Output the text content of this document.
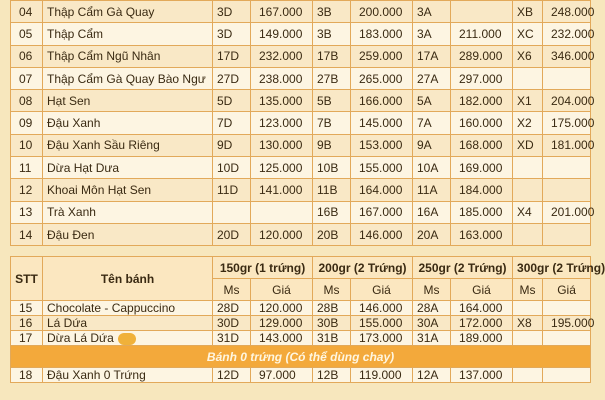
04	Thập Cẩm Gà Quay	3D	167.000	3B	200.000	3A		XB	248.000
05	Thập Cẩm	3D	149.000	3B	183.000	3A	211.000	XC	232.000
06	Thập Cẩm Ngũ Nhân	17D	232.000	17B	259.000	17A	289.000	X6	346.000
07	Thập Cẩm Gà Quay Bào Ngư	27D	238.000	27B	265.000	27A	297.000		
08	Hạt Sen	5D	135.000	5B	166.000	5A	182.000	X1	204.000
09	Đậu Xanh	7D	123.000	7B	145.000	7A	160.000	X2	175.000
10	Đậu Xanh Sầu Riêng	9D	130.000	9B	153.000	9A	168.000	XD	181.000
11	Dừa Hạt Dưa	10D	125.000	10B	155.000	10A	169.000		
12	Khoai Môn Hạt Sen	11D	141.000	11B	164.000	11A	184.000		
13	Trà Xanh			16B	167.000	16A	185.000	X4	201.000
14	Đậu Đen	20D	120.000	20B	146.000	20A	163.000		
STT	Tên bánh	150gr (1 trứng)		200gr (2 Trứng)		250gr (2 Trứng)		300gr (2 Trứng)	
		Ms	Giá	Ms	Giá	Ms	Giá	Ms	Giá
15	Chocolate - Cappuccino	28D	120.000	28B	146.000	28A	164.000		
16	Lá Dứa	30D	129.000	30B	155.000	30A	172.000	X8	195.000
17	Dừa Lá Dứa	31D	143.000	31B	173.000	31A	189.000		
Bánh 0 trứng (Có thể dùng chay)									
18	Đậu Xanh 0 Trứng	12D	97.000	12B	119.000	12A	137.000		
